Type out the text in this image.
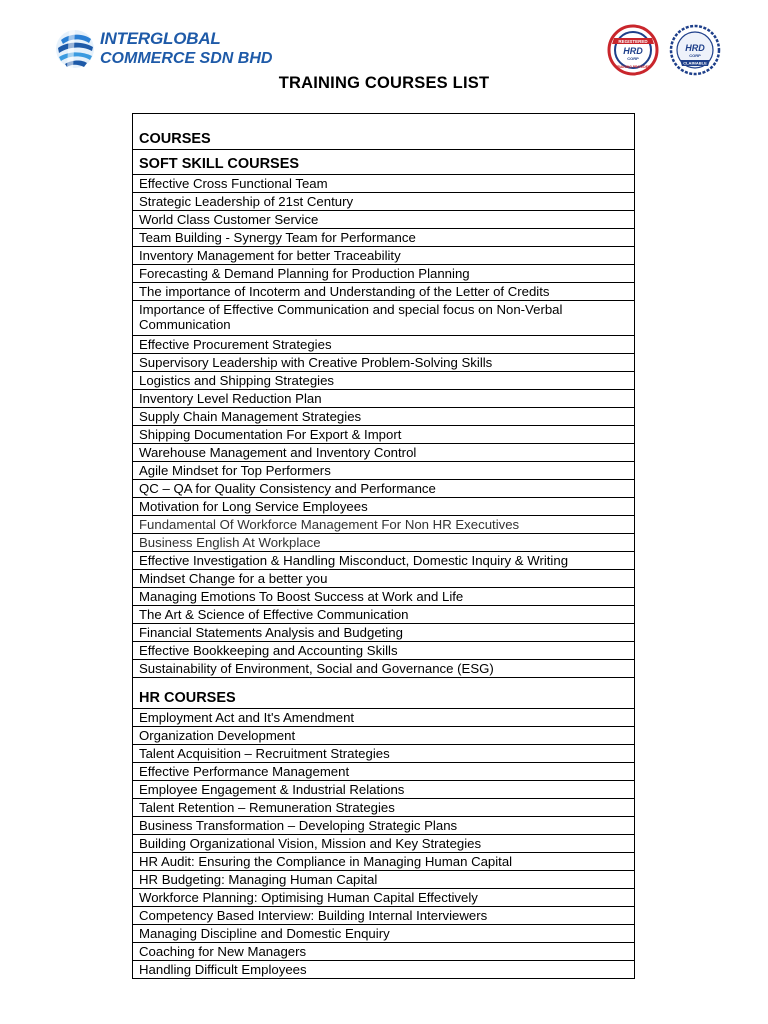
INTERGLOBAL
COMMERCE SDN BHD
REGISTERED
HRD
CORP
TRAINING PROVIDER
HRD
CORP
CLAIMABLE
TRAINING COURSES LIST
COURSES
SOFT SKILL COURSES
Effective Cross Functional Team
Strategic Leadership of 21st Century
World Class Customer Service
Team Building - Synergy Team for Performance
Inventory Management for better Traceability
Forecasting & Demand Planning for Production Planning
The importance of Incoterm and Understanding of the Letter of Credits
Importance of Effective Communication and special focus on Non-Verbal Communication
Effective Procurement Strategies
Supervisory Leadership with Creative Problem-Solving Skills
Logistics and Shipping Strategies
Inventory Level Reduction Plan
Supply Chain Management Strategies
Shipping Documentation For Export & Import
Warehouse Management and Inventory Control
Agile Mindset for Top Performers
QC – QA for Quality Consistency and Performance
Motivation for Long Service Employees
Fundamental Of Workforce Management For Non HR Executives
Business English At Workplace
Effective Investigation & Handling Misconduct, Domestic Inquiry & Writing
Mindset Change for a better you
Managing Emotions To Boost Success at Work and Life
The Art & Science of Effective Communication
Financial Statements Analysis and Budgeting
Effective Bookkeeping and Accounting Skills
Sustainability of Environment, Social and Governance (ESG)
HR COURSES
Employment Act and It's Amendment
Organization Development
Talent Acquisition – Recruitment Strategies
Effective Performance Management
Employee Engagement & Industrial Relations
Talent Retention – Remuneration Strategies
Business Transformation – Developing Strategic Plans
Building Organizational Vision, Mission and Key Strategies
HR Audit: Ensuring the Compliance in Managing Human Capital
HR Budgeting: Managing Human Capital
Workforce Planning: Optimising Human Capital Effectively
Competency Based Interview: Building Internal Interviewers
Managing Discipline and Domestic Enquiry
Coaching for New Managers
Handling Difficult Employees
